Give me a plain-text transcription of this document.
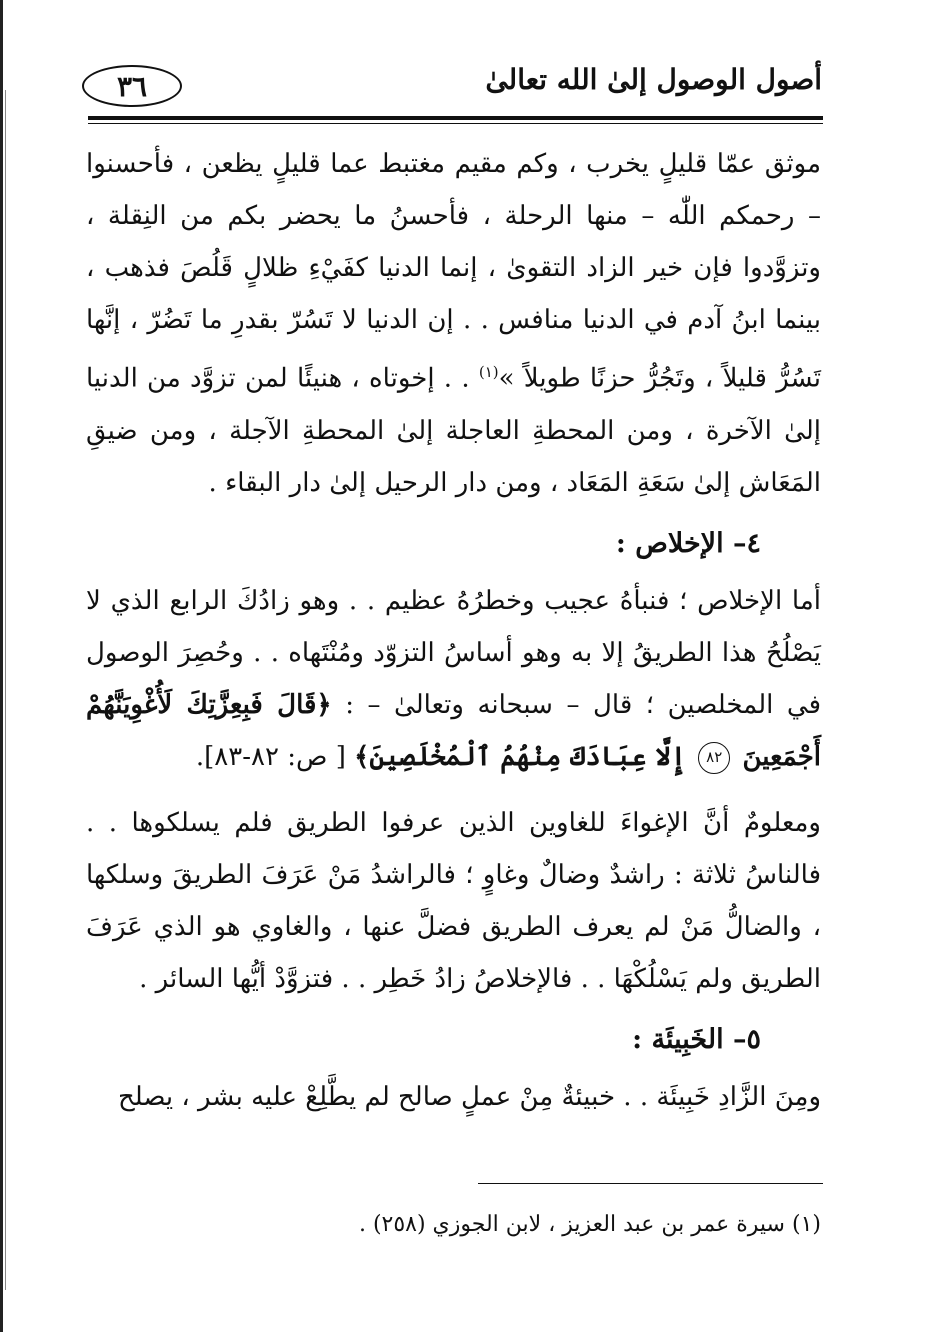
أصول الوصول إلىٰ الله تعالىٰ
٣٦

موثق عمّا قليلٍ يخرب ، وكم مقيم مغتبط عما قليلٍ يظعن ، فأحسنوا – رحمكم اللّٰه – منها الرحلة ، فأحسنُ ما يحضر بكم من النِقلة ، وتزوَّدوا فإن خير الزاد التقوىٰ ، إنما الدنيا كفَيْءِ ظلالٍ قَلُصَ فذهب ، بينما ابنُ آدم في الدنيا منافس . . إن الدنيا لا تَسُرّ بقدرِ ما تَضُرّ ، إنَّها تَسُرُّ قليلاً ، وتَجُرُّ حزنًا طويلاً »$^{(١)}$ . . إخوتاه ، هنيئًا لمن تزوَّد من الدنيا إلىٰ الآخرة ، ومن المحطةِ العاجلة إلىٰ المحطةِ الآجلة ، ومن ضيقِ المَعَاش إلىٰ سَعَةِ المَعَاد ، ومن دار الرحيل إلىٰ دار البقاء .

٤– الإخلاص :

أما الإخلاص ؛ فنبأهُ عجيب وخطرُهُ عظيم . . وهو زادُكَ الرابع الذي لا يَصْلُحُ هذا الطريقُ إلا به وهو أساسُ التزوّد ومُنْتَهاه . . وحُصِرَ الوصول في المخلصين ؛ قال – سبحانه وتعالىٰ – : ﴿قَالَ فَبِعِزَّتِكَ لَأُغْوِيَنَّهُمْ أَجْمَعِينَ
٨٢
إِلَّا عِبَادَكَ مِنْهُمُ ٱلْمُخْلَصِينَ﴾ [ ص: ٨٢-٨٣].

ومعلومٌ أنَّ الإغواءَ للغاوين الذين عرفوا الطريق فلم يسلكوها . . فالناسُ ثلاثة : راشدٌ وضالٌ وغاوٍ ؛ فالراشدُ مَنْ عَرَفَ الطريقَ وسلكها ، والضالُّ مَنْ لم يعرف الطريق فضلَّ عنها ، والغاوي هو الذي عَرَفَ الطريق ولم يَسْلُكْهَا . . فالإخلاصُ زادُ خَطِر . . فتزوَّدْ أيُّها السائر .

٥– الخَبِيئَة :

ومِنَ الزَّادِ خَبِيئَة . . خبيئةٌ مِنْ عملٍ صالح لم يطَّلِعْ عليه بشر ، يصلح

(١) سيرة عمر بن عبد العزيز ، لابن الجوزي (٢٥٨) .
